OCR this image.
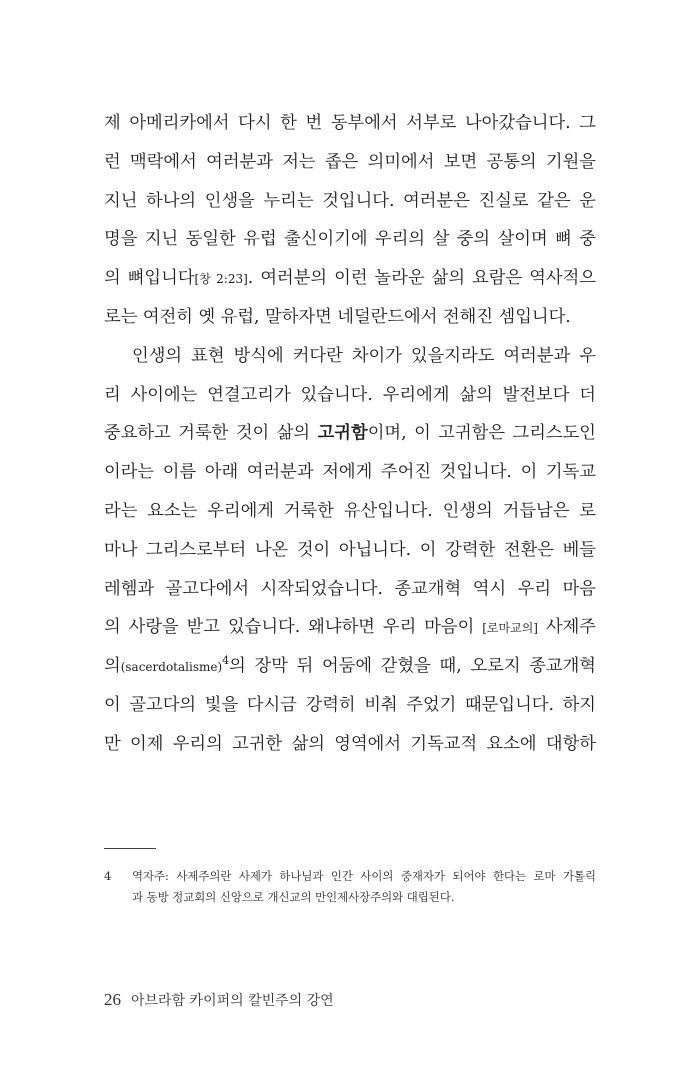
제 아메리카에서 다시 한 번 동부에서 서부로 나아갔습니다. 그
런 맥락에서 여러분과 저는 좁은 의미에서 보면 공통의 기원을
지닌 하나의 인생을 누리는 것입니다. 여러분은 진실로 같은 운
명을 지닌 동일한 유럽 출신이기에 우리의 살 중의 살이며 뼈 중
의 뼈입니다[창 2:23]. 여러분의 이런 놀라운 삶의 요람은 역사적으
로는 여전히 옛 유럽, 말하자면 네덜란드에서 전해진 셈입니다.
인생의 표현 방식에 커다란 차이가 있을지라도 여러분과 우
리 사이에는 연결고리가 있습니다. 우리에게 삶의 발전보다 더
중요하고 거룩한 것이 삶의 고귀함이며, 이 고귀함은 그리스도인
이라는 이름 아래 여러분과 저에게 주어진 것입니다. 이 기독교
라는 요소는 우리에게 거룩한 유산입니다. 인생의 거듭남은 로
마나 그리스로부터 나온 것이 아닙니다. 이 강력한 전환은 베들
레헴과 골고다에서 시작되었습니다. 종교개혁 역시 우리 마음
의 사랑을 받고 있습니다. 왜냐하면 우리 마음이 [로마교의] 사제주
의(sacerdotalisme)$^4$의 장막 뒤 어둠에 갇혔을 때, 오로지 종교개혁
이 골고다의 빛을 다시금 강력히 비춰 주었기 때문입니다. 하지
만 이제 우리의 고귀한 삶의 영역에서 기독교적 요소에 대항하
4	역자주: 사제주의란 사제가 하나님과 인간 사이의 중재자가 되어야 한다는 로마 가톨릭
과 동방 정교회의 신앙으로 개신교의 만인제사장주의와 대립된다.
26 아브라함 카이퍼의 칼빈주의 강연
